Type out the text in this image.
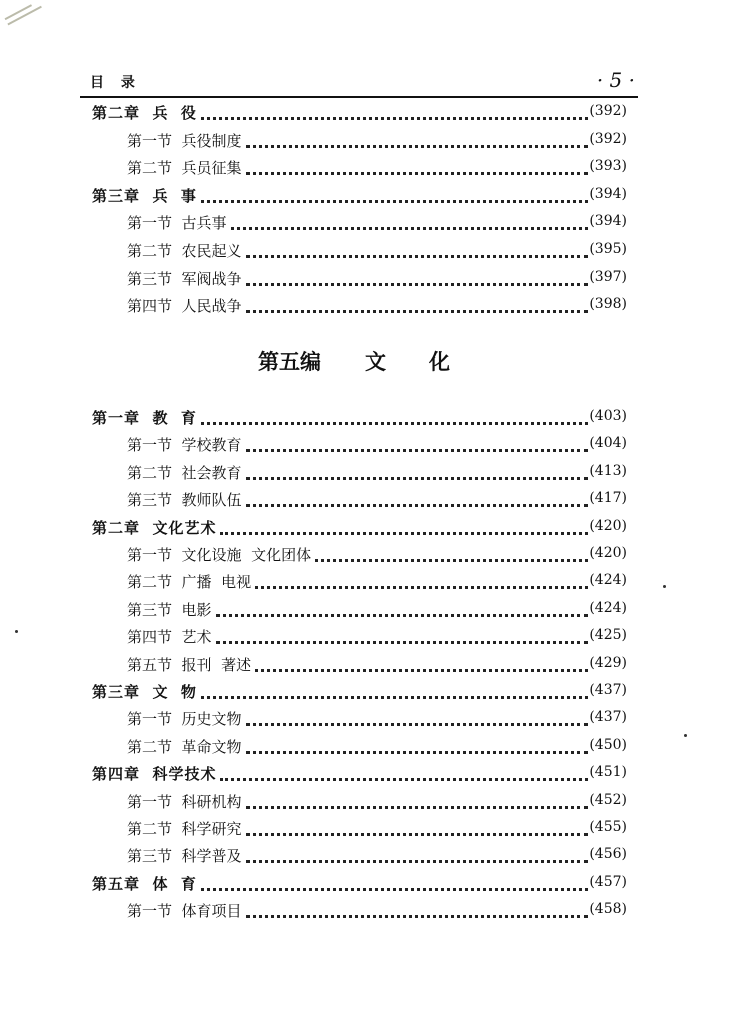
目 录	· 5 ·
第二章  兵  役	(392)
第一节  兵役制度	(392)
第二节  兵员征集	(393)
第三章  兵  事	(394)
第一节  古兵事	(394)
第二节  农民起义	(395)
第三节  军阀战争	(397)
第四节  人民战争	(398)
第五编 文 化
第一章  教  育	(403)
第一节  学校教育	(404)
第二节  社会教育	(413)
第三节  教师队伍	(417)
第二章  文化艺术	(420)
第一节  文化设施  文化团体	(420)
第二节  广播  电视	(424)
第三节  电影	(424)
第四节  艺术	(425)
第五节  报刊  著述	(429)
第三章  文  物	(437)
第一节  历史文物	(437)
第二节  革命文物	(450)
第四章  科学技术	(451)
第一节  科研机构	(452)
第二节  科学研究	(455)
第三节  科学普及	(456)
第五章  体  育	(457)
第一节  体育项目	(458)
